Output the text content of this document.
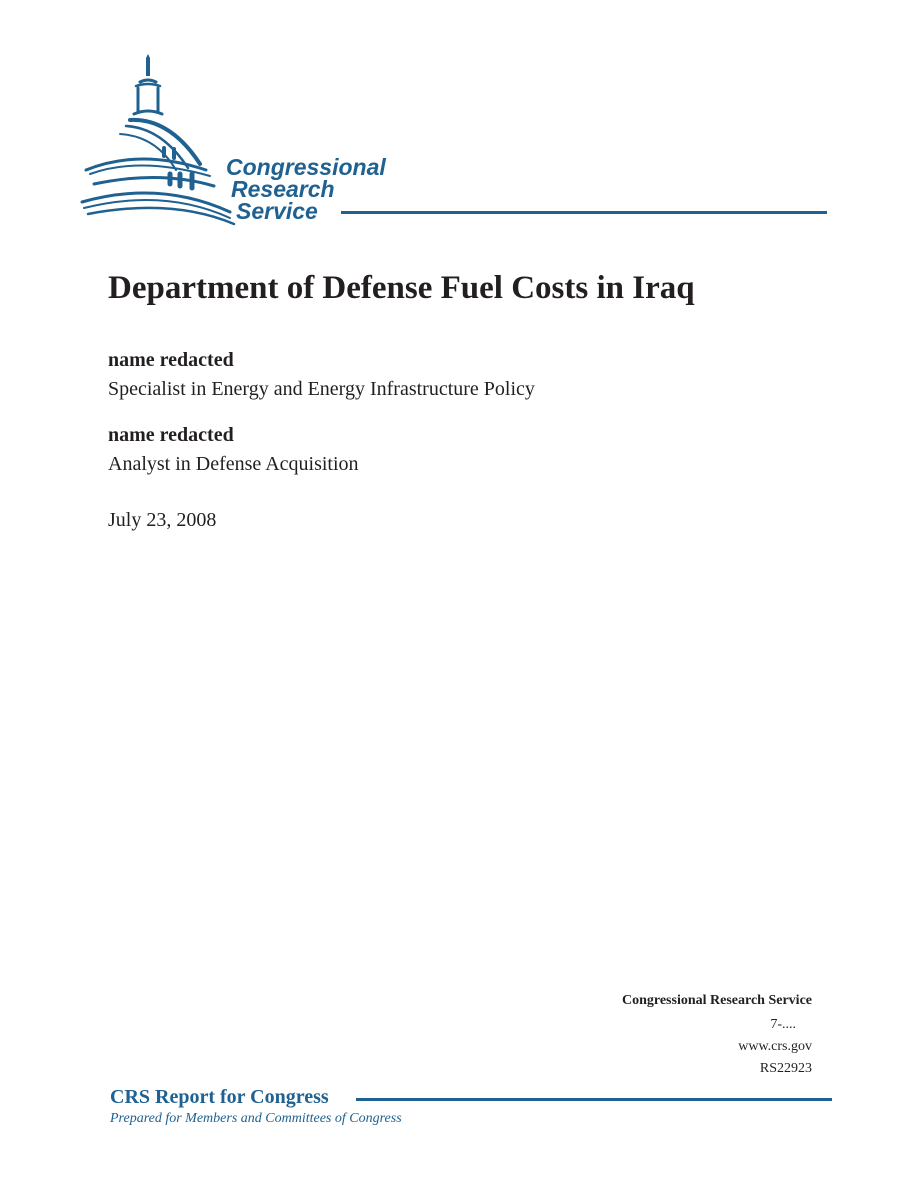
Congressional
Research
Service
Department of Defense Fuel Costs in Iraq
name redacted
Specialist in Energy and Energy Infrastructure Policy
name redacted
Analyst in Defense Acquisition
July 23, 2008
Congressional Research Service
7-....
www.crs.gov
RS22923
CRS Report for Congress
Prepared for Members and Committees of Congress
